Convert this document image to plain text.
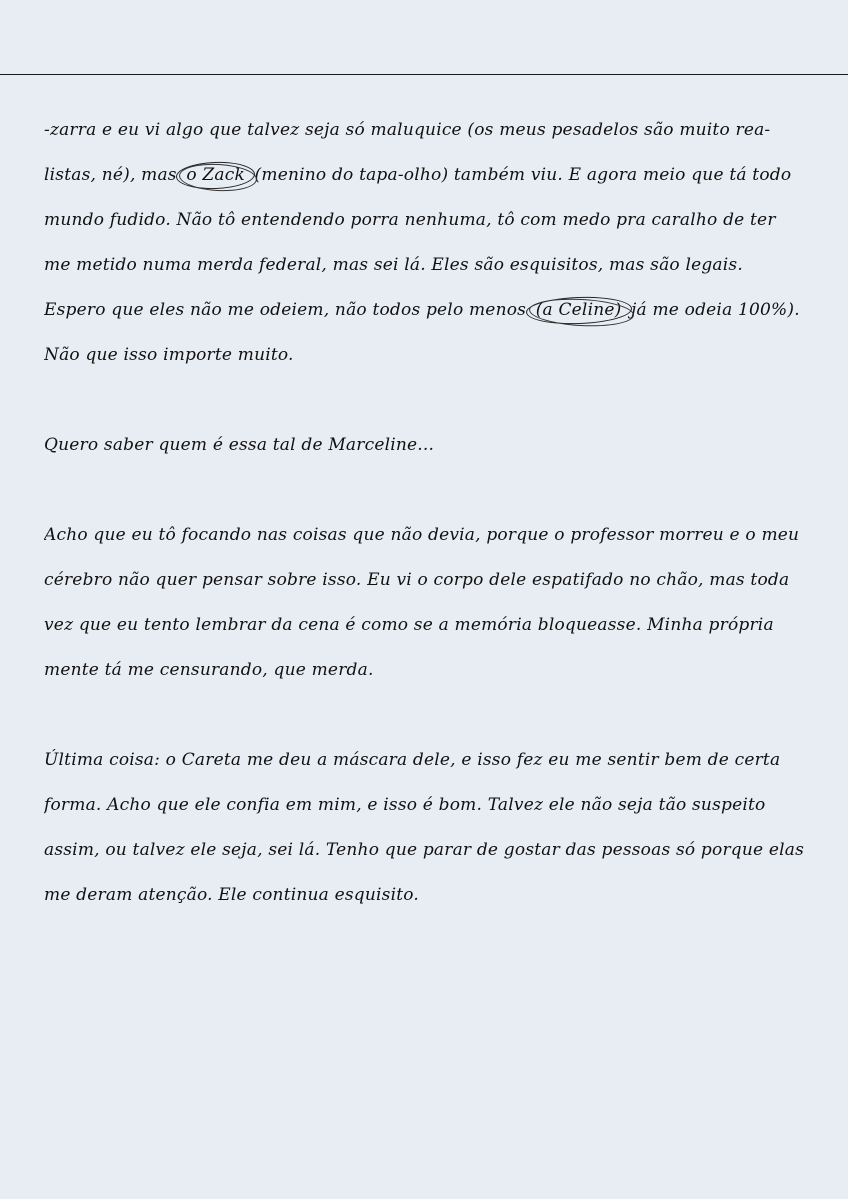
-zarra e eu vi algo que talvez seja só maluquice (os meus pesadelos são muito rea-
listas, né), mas o Zack (menino do tapa-olho) também viu. E agora meio que tá todo
mundo fudido. Não tô entendendo porra nenhuma, tô com medo pra caralho de ter
me metido numa merda federal, mas sei lá. Eles são esquisitos, mas são legais.
Espero que eles não me odeiem, não todos pelo menos (a Celine) já me odeia 100%).
Não que isso importe muito.
Quero saber quem é essa tal de Marceline...
Acho que eu tô focando nas coisas que não devia, porque o professor morreu e o meu
cérebro não quer pensar sobre isso. Eu vi o corpo dele espatifado no chão, mas toda
vez que eu tento lembrar da cena é como se a memória bloqueasse. Minha própria
mente tá me censurando, que merda.
Última coisa: o Careta me deu a máscara dele, e isso fez eu me sentir bem de certa
forma. Acho que ele confia em mim, e isso é bom. Talvez ele não seja tão suspeito
assim, ou talvez ele seja, sei lá. Tenho que parar de gostar das pessoas só porque elas
me deram atenção. Ele continua esquisito.
